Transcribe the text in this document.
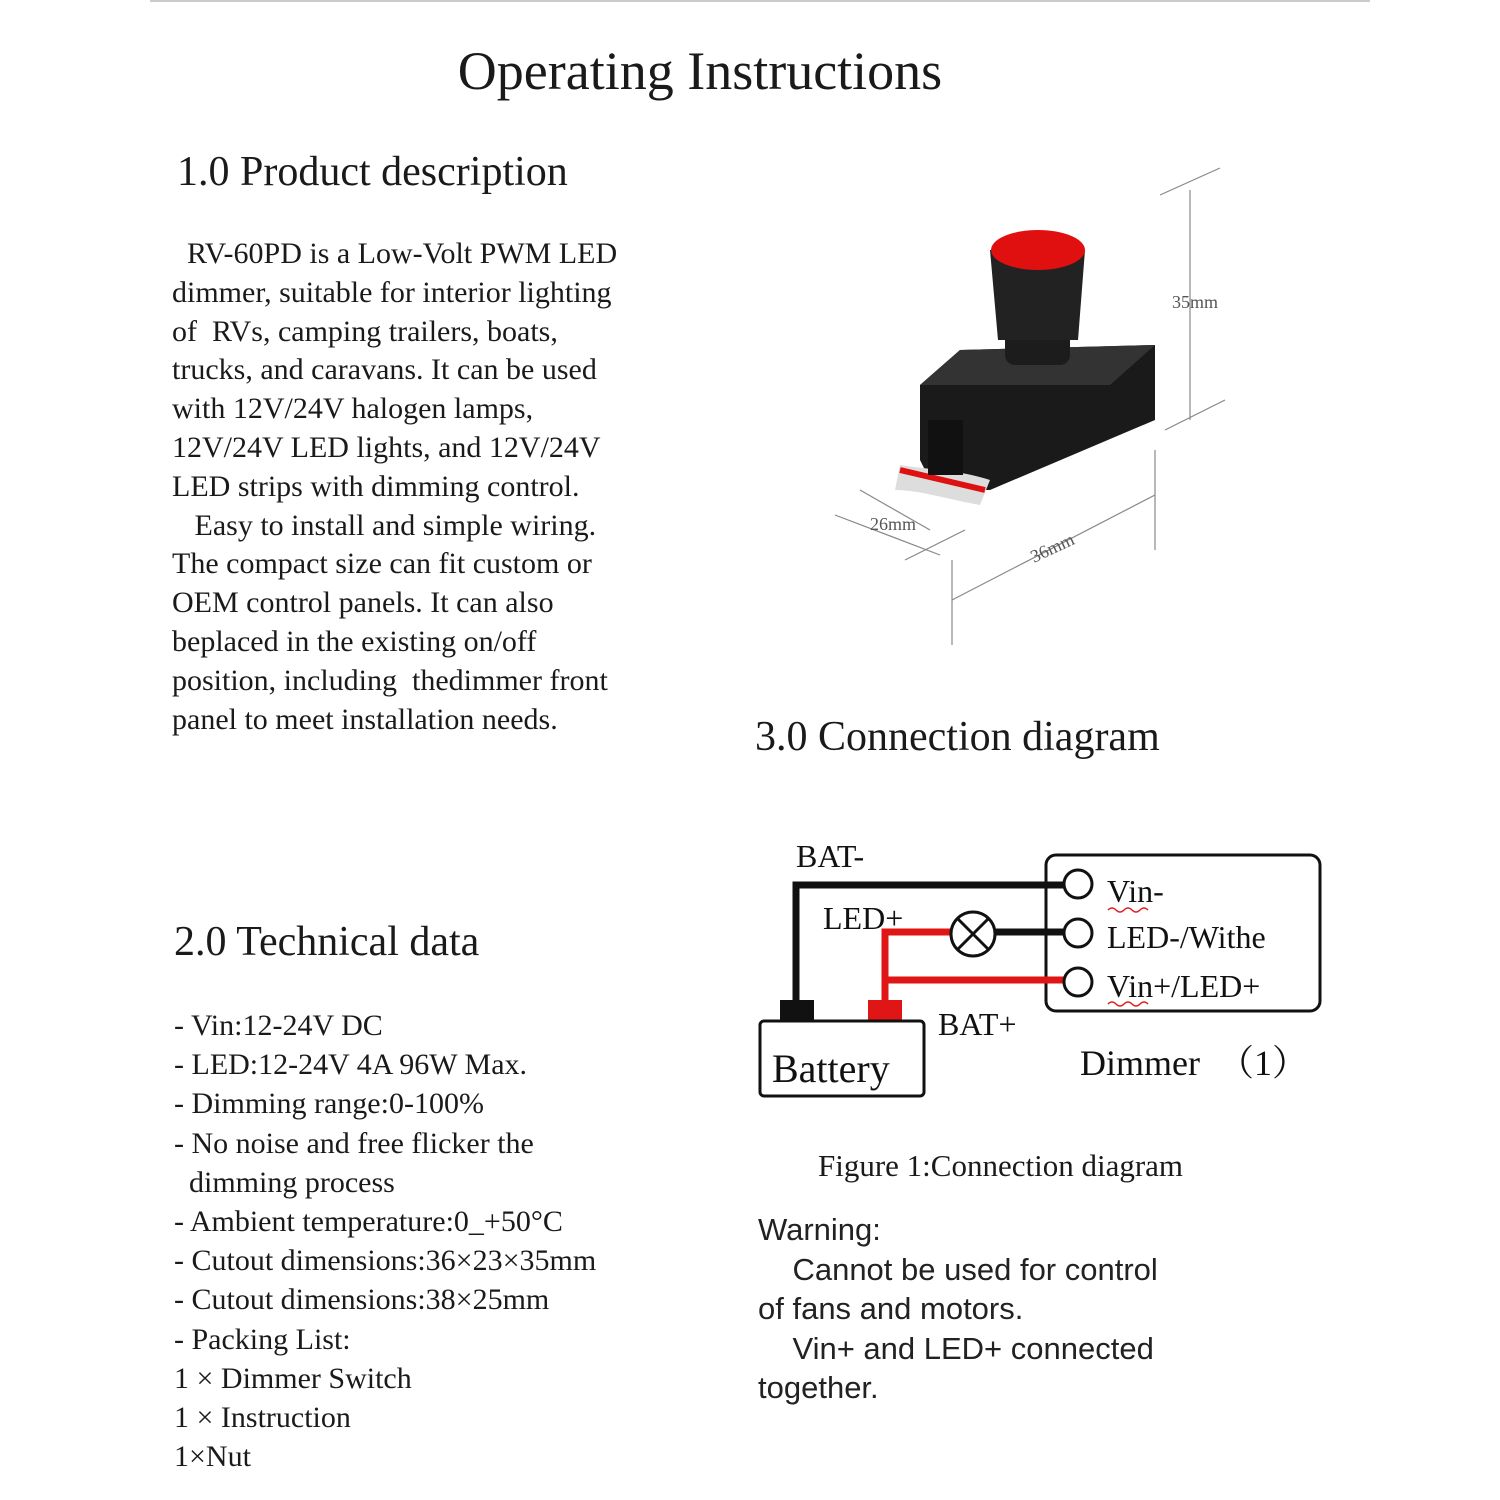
Operating Instructions
1.0 Product description
RV-60PD is a Low-Volt PWM LED
dimmer, suitable for interior lighting
of  RVs, camping trailers, boats,
trucks, and caravans. It can be used
with 12V/24V halogen lamps,
12V/24V LED lights, and 12V/24V
LED strips with dimming control.
Easy to install and simple wiring.
The compact size can fit custom or
OEM control panels. It can also
beplaced in the existing on/off
position, including  thedimmer front
panel to meet installation needs.
35mm
26mm
36mm
3.0 Connection diagram
2.0 Technical data
- Vin:12-24V DC
- LED:12-24V 4A 96W Max.
- Dimming range:0-100%
- No noise and free flicker the
dimming process
- Ambient temperature:0_+50°C
- Cutout dimensions:36×23×35mm
- Cutout dimensions:38×25mm
- Packing List:
1 × Dimmer Switch
1 × Instruction
1×Nut
BAT-
LED+
BAT+
Battery
Vin-
LED-/Withe
Vin+/LED+
Dimmer  （1）
Figure 1:Connection diagram
Warning:
Cannot be used for control
of fans and motors.
Vin+ and LED+ connected
together.
